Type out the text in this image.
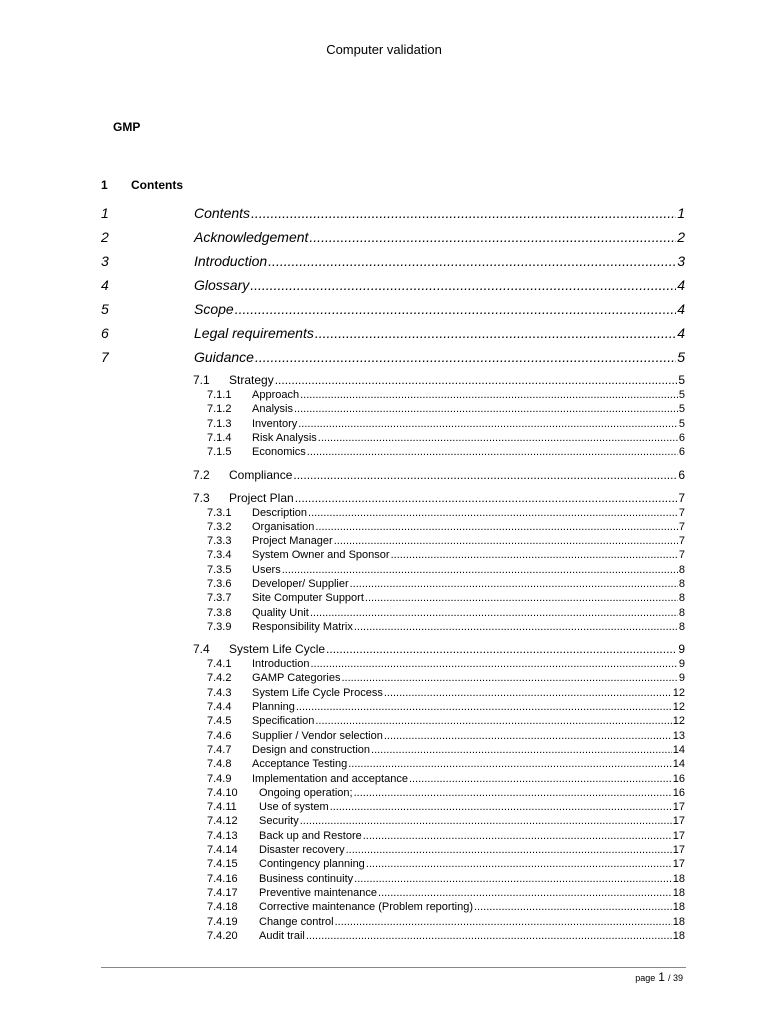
Computer validation
GMP
1	Contents
1	Contents .....	1
2	Acknowledgement .....	2
3	Introduction .....	3
4	Glossary .....	4
5	Scope .....	4
6	Legal requirements .....	4
7	Guidance .....	5
7.1	Strategy .....	5
7.1.1	Approach .....	5
7.1.2	Analysis .....	5
7.1.3	Inventory .....	5
7.1.4	Risk Analysis .....	6
7.1.5	Economics .....	6
7.2	Compliance .....	6
7.3	Project Plan .....	7
7.3.1	Description .....	7
7.3.2	Organisation .....	7
7.3.3	Project Manager .....	7
7.3.4	System Owner and Sponsor .....	7
7.3.5	Users .....	8
7.3.6	Developer/ Supplier .....	8
7.3.7	Site Computer Support .....	8
7.3.8	Quality Unit .....	8
7.3.9	Responsibility Matrix .....	8
7.4	System Life Cycle .....	9
7.4.1	Introduction .....	9
7.4.2	GAMP Categories .....	9
7.4.3	System Life Cycle Process .....	12
7.4.4	Planning .....	12
7.4.5	Specification .....	12
7.4.6	Supplier / Vendor selection .....	13
7.4.7	Design and construction .....	14
7.4.8	Acceptance Testing .....	14
7.4.9	Implementation and acceptance .....	16
7.4.10	Ongoing operation; .....	16
7.4.11	Use of system .....	17
7.4.12	Security .....	17
7.4.13	Back up and Restore .....	17
7.4.14	Disaster recovery .....	17
7.4.15	Contingency planning .....	17
7.4.16	Business continuity .....	18
7.4.17	Preventive maintenance .....	18
7.4.18	Corrective maintenance (Problem reporting) .....	18
7.4.19	Change control .....	18
7.4.20	Audit trail .....	18
page 1 / 39
